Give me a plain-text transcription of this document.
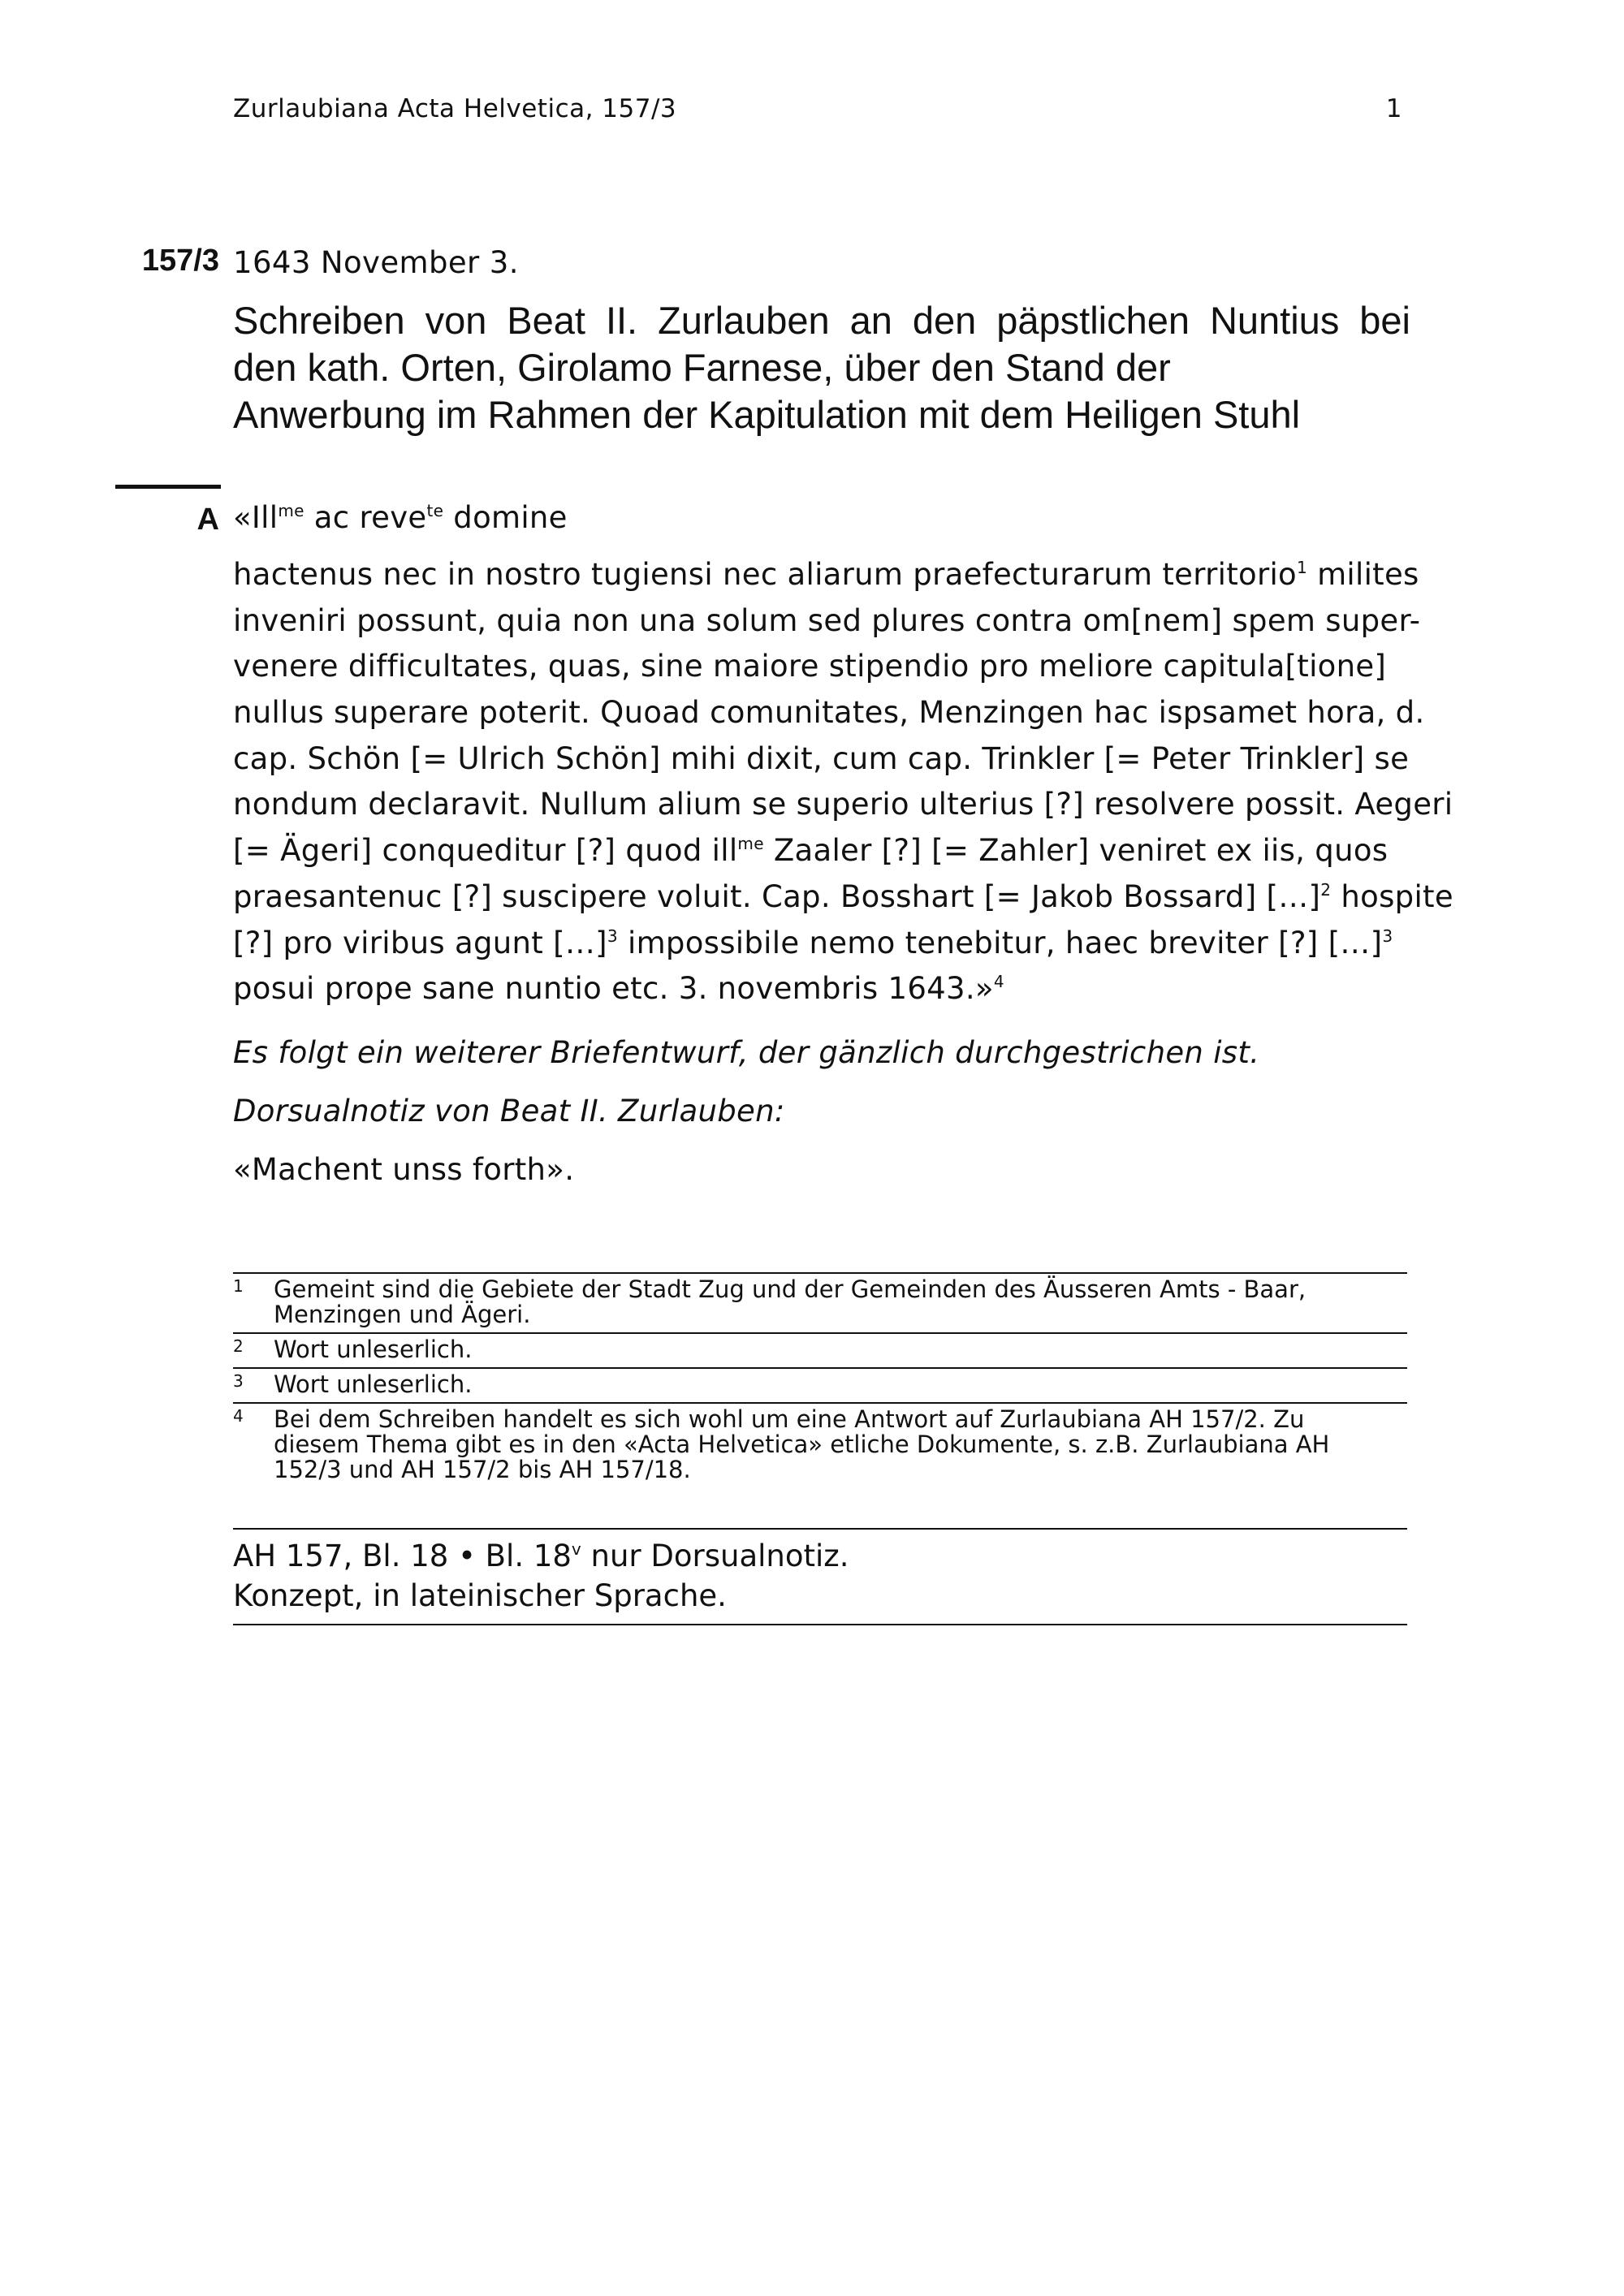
Zurlaubiana Acta Helvetica, 157/3	1
157/3 1643 November 3.
Schreiben von Beat II. Zurlauben an den päpstlichen Nuntius bei
den kath. Orten, Girolamo Farnese, über den Stand der
Anwerbung im Rahmen der Kapitulation mit dem Heiligen Stuhl
A «Ill$^{me}$ ac reve$^{te}$ domine

hactenus nec in nostro tugiensi nec aliarum praefecturarum territorio$^1$ milites

inveniri possunt, quia non una solum sed plures contra om[nem] spem super-

venere difficultates, quas, sine maiore stipendio pro meliore capitula[tione]

nullus superare poterit. Quoad comunitates, Menzingen hac ispsamet hora, d.

cap. Schön [= Ulrich Schön] mihi dixit, cum cap. Trinkler [= Peter Trinkler] se

nondum declaravit. Nullum alium se superio ulterius [?] resolvere possit. Aegeri

[= Ägeri] conqueditur [?] quod ill$^{me}$ Zaaler [?] [= Zahler] veniret ex iis, quos

praesantenuc [?] suscipere voluit. Cap. Bosshart [= Jakob Bossard] […]$^2$ hospite

[?] pro viribus agunt […]$^3$ impossibile nemo tenebitur, haec breviter [?] […]$^3$

posui prope sane nuntio etc. 3. novembris 1643.»$^4$

Es folgt ein weiterer Briefentwurf, der gänzlich durchgestrichen ist.

Dorsualnotiz von Beat II. Zurlauben:

«Machent unss forth».

1 Gemeint sind die Gebiete der Stadt Zug und der Gemeinden des Äusseren Amts - Baar,

Menzingen und Ägeri.

2 Wort unleserlich.

3 Wort unleserlich.

4 Bei dem Schreiben handelt es sich wohl um eine Antwort auf Zurlaubiana AH 157/2. Zu

diesem Thema gibt es in den «Acta Helvetica» etliche Dokumente, s. z.B. Zurlaubiana AH

152/3 und AH 157/2 bis AH 157/18.

AH 157, Bl. 18 • Bl. 18$^v$ nur Dorsualnotiz.

Konzept, in lateinischer Sprache.
